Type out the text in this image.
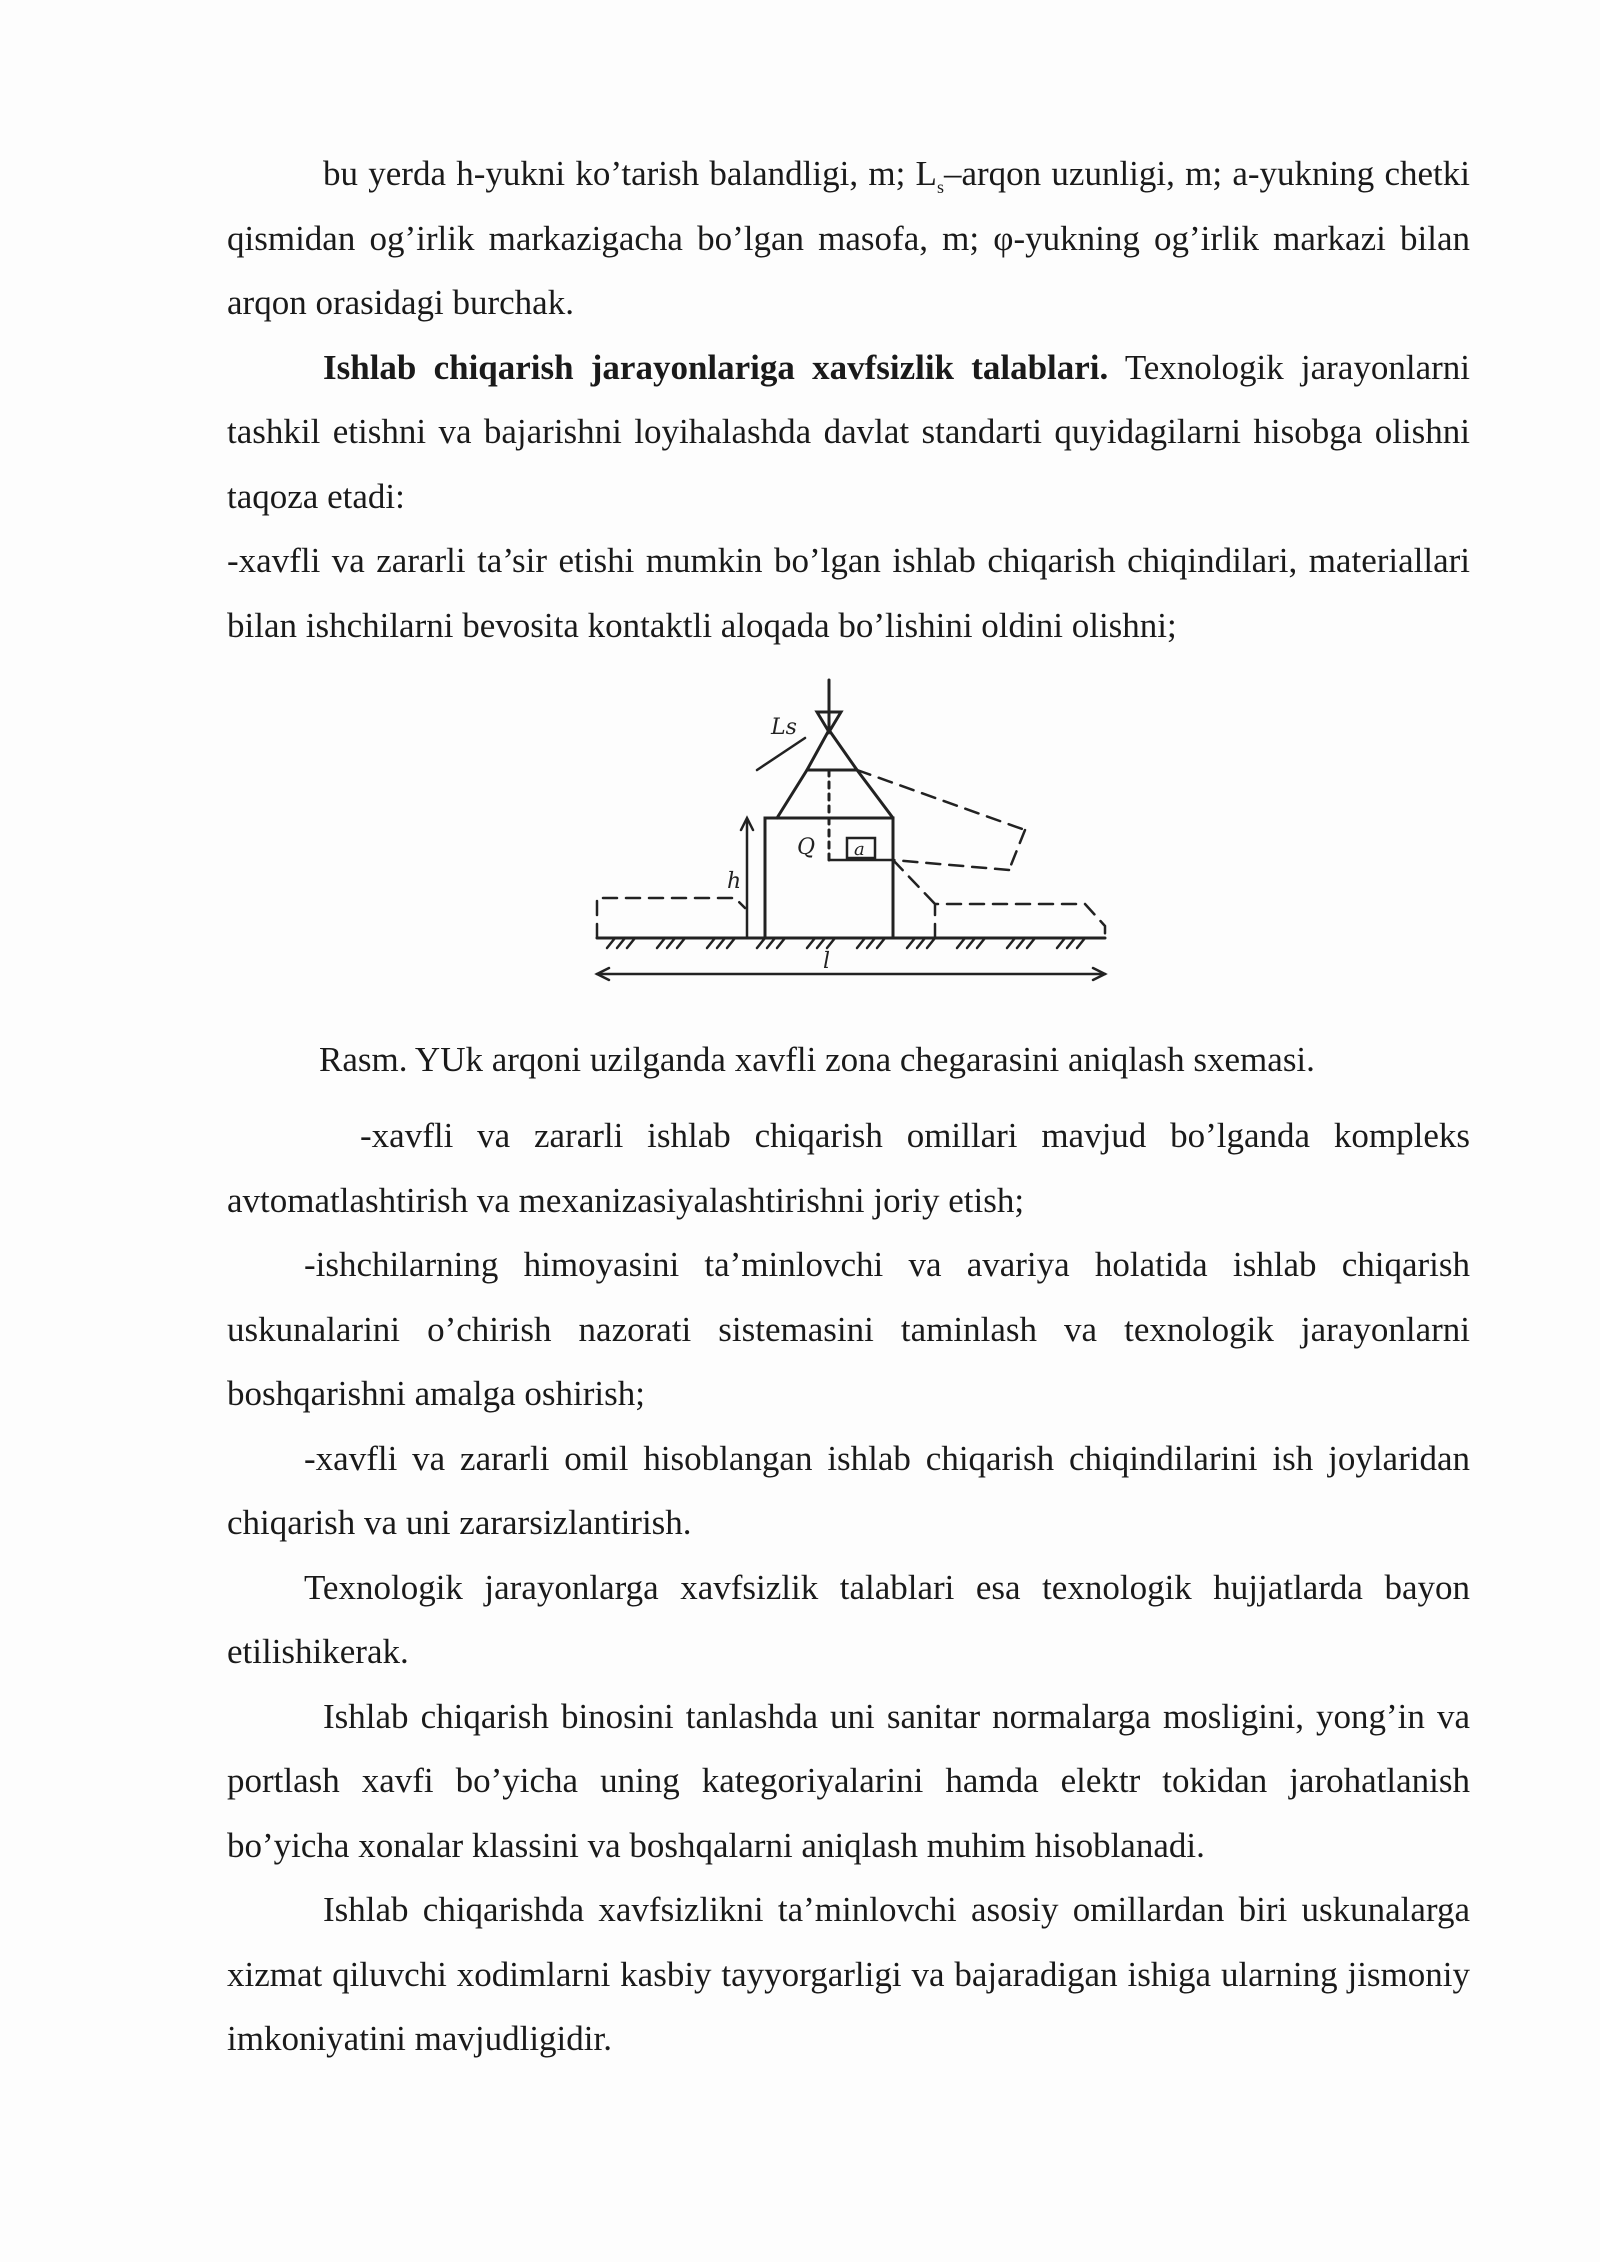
bu yerda h-yukni ko’tarish balandligi, m; $L_s$–arqon uzunligi, m; a-yukning chetki qismidan og’irlik markazigacha bo’lgan masofa, m; φ-yukning og’irlik markazi bilan arqon orasidagi burchak.

Ishlab chiqarish jarayonlariga xavfsizlik talablari. Texnologik jarayonlarni tashkil etishni va bajarishni loyihalashda davlat standarti quyidagilarni hisobga olishni taqoza etadi:

-xavfli va zararli ta’sir etishi mumkin bo’lgan ishlab chiqarish chiqindilari, materiallari bilan ishchilarni bevosita kontaktli aloqada bo’lishini oldini olishni;

Ls
Q a
h
l
Rasm. YUk arqoni uzilganda xavfli zona chegarasini aniqlash sxemasi.

-xavfli va zararli ishlab chiqarish omillari mavjud bo’lganda kompleks avtomatlashtirish va mexanizasiyalashtirishni joriy etish;

-ishchilarning himoyasini ta’minlovchi va avariya holatida ishlab chiqarish uskunalarini o’chirish nazorati sistemasini taminlash va texnologik jarayonlarni boshqarishni amalga oshirish;

-xavfli va zararli omil hisoblangan ishlab chiqarish chiqindilarini ish joylaridan chiqarish va uni zararsizlantirish.

Texnologik jarayonlarga xavfsizlik talablari esa texnologik hujjatlarda bayon etilishikerak.

Ishlab chiqarish binosini tanlashda uni sanitar normalarga mosligini, yong’in va portlash xavfi bo’yicha uning kategoriyalarini hamda elektr tokidan jarohatlanish bo’yicha xonalar klassini va boshqalarni aniqlash muhim hisoblanadi.

Ishlab chiqarishda xavfsizlikni ta’minlovchi asosiy omillardan biri uskunalarga xizmat qiluvchi xodimlarni kasbiy tayyorgarligi va bajaradigan ishiga ularning jismoniy imkoniyatini mavjudligidir.
